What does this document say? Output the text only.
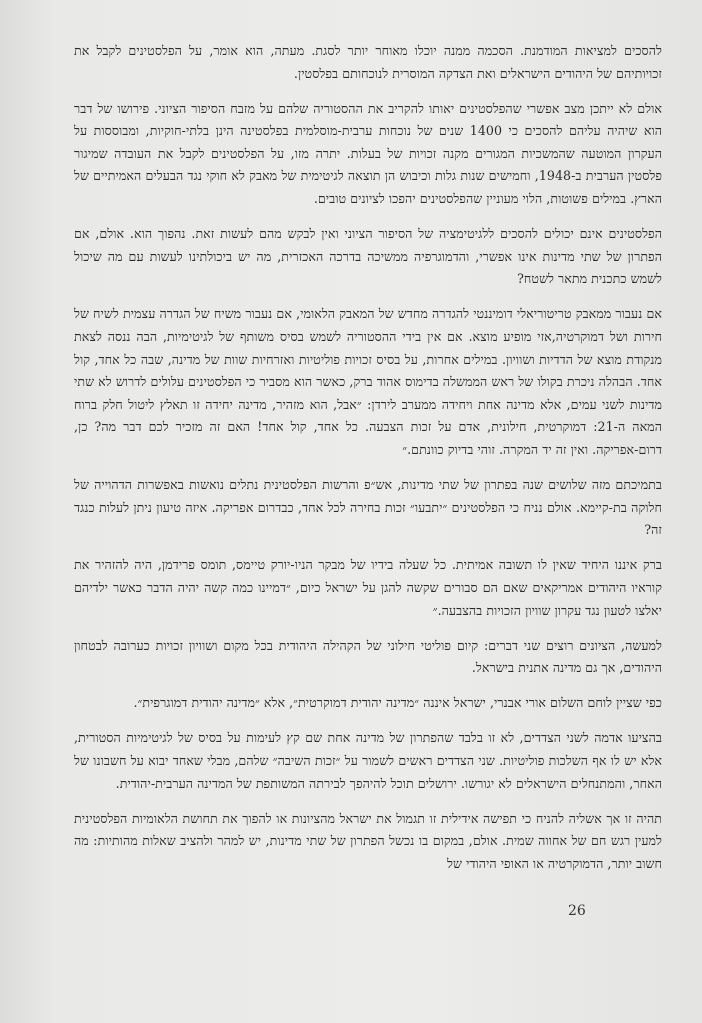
להסכים למציאות המודמנת. הסכמה ממנה יוכלו מאוחר יותר לסגת. מעתה, הוא אומר, על הפלסטינים לקבל את זכויותיהם של היהודים הישראלים ואת הצדקה המוסרית לנוכחותם בפלסטין.

אולם לא ייתכן מצב אפשרי שהפלסטינים יאותו להקריב את ההסטוריה שלהם על מזבח הסיפור הציוני. פירושו של דבר הוא שיהיה עליהם להסכים כי 1400 שנים של נוכחות ערבית-מוסלמית בפלסטינה הינן בלתי-חוקיות, ומבוססות על העקרון המוטעה שהמשכיות המגורים מקנה זכויות של בעלות. יתרה מזו, על הפלסטינים לקבל את העובדה שמיגור פלסטין הערבית ב-1948, וחמישים שנות גלות וכיבוש הן תוצאה לגיטימית של מאבק לא חוקי נגד הבעלים האמיתיים של הארץ. במילים פשוטות, הלוי מעוניין שהפלסטינים יהפכו לציונים טובים.

הפלסטינים אינם יכולים להסכים ללגיטימציה של הסיפור הציוני ואין לבקש מהם לעשות זאת. נהפוך הוא. אולם, אם הפתרון של שתי מדינות אינו אפשרי, והדמוגרפיה ממשיכה בדרכה האכזרית, מה יש ביכולתינו לעשות עם מה שיכול לשמש כתכנית מתאר לשטח?

אם נעבור ממאבק טריטוריאלי דומיננטי להגדרה מחדש של המאבק הלאומי, אם נעבור משיח של הגדרה עצמית לשיח של חירות ושל דמוקרטיה,אזי מופיע מוצא. אם אין בידי ההסטוריה לשמש בסיס משותף של לגיטימיות, הבה ננסה לצאת מנקודת מוצא של הדדיות ושוויון. במילים אחרות, על בסיס זכויות פוליטיות ואזרחיות שוות של מדינה, שבה כל אחד, קול אחד. הבהלה ניכרת בקולו של ראש הממשלה בדימוס אהוד ברק, כאשר הוא מסביר כי הפלסטינים עלולים לדרוש לא שתי מדינות לשני עמים, אלא מדינה אחת ויחידה ממערב לירדן: ״אבל, הוא מזהיר, מדינה יחידה זו תאלץ ליטול חלק ברוח המאה ה-21: דמוקרטית, חילונית, אדם על זכות הצבעה. כל אחד, קול אחד! האם זה מזכיר לכם דבר מה? כן, דרום-אפריקה. ואין זה יד המקרה. זוהי בדיוק כוונתם.״

בתמיכתם מזה שלושים שנה בפתרון של שתי מדינות, אש״פ והרשות הפלסטינית נתלים נואשות באפשרות הדהוייה של חלוקה בת-קיימא. אולם נניח כי הפלסטינים ״יתבעו״ זכות בחירה לכל אחד, כבדרום אפריקה. איזה טיעון ניתן לעלות כנגד זה?

ברק איננו היחיד שאין לו תשובה אמיתית. כל שעלה בידיו של מבקר הניו-יורק טיימס, תומס פרידמן, היה להזהיר את קוראיו היהודים אמריקאים שאם הם סבורים שקשה להגן על ישראל כיום, ״דמיינו כמה קשה יהיה הדבר כאשר ילדיהם יאלצו לטעון נגד עקרון שוויון הזכויות בהצבעה.״

למעשה, הציונים רוצים שני דברים: קיום פוליטי חילוני של הקהילה היהודית בכל מקום ושוויון זכויות כערובה לבטחון היהודים, אך גם מדינה אתנית בישראל.

כפי שציין לוחם השלום אורי אבנרי, ישראל איננה ״מדינה יהודית דמוקרטית״, אלא ״מדינה יהודית דמוגרפית״.

בהציעו אדמה לשני הצדדים, לא זו בלבד שהפתרון של מדינה אחת שם קץ לעימות על בסיס של לגיטימיות הסטורית, אלא יש לו אף השלכות פוליטיות. שני הצדדים ראשים לשמור על ״זכות השיבה״ שלהם, מבלי שאחד יבוא על חשבונו של האחר, והמתנחלים הישראלים לא יגורשו. ירושלים תוכל להיהפך לבירתה המשותפת של המדינה הערבית-יהודית.

תהיה זו אך אשליה להניח כי תפישה אידילית זו תגמול את ישראל מהציונות או להפוך את תחושת הלאומיות הפלסטינית למעין רגש חם של אחווה שמית. אולם, במקום בו נכשל הפתרון של שתי מדינות, יש למהר ולהציב שאלות מהותיות: מה חשוב יותר, הדמוקרטיה או האופי היהודי של

26
